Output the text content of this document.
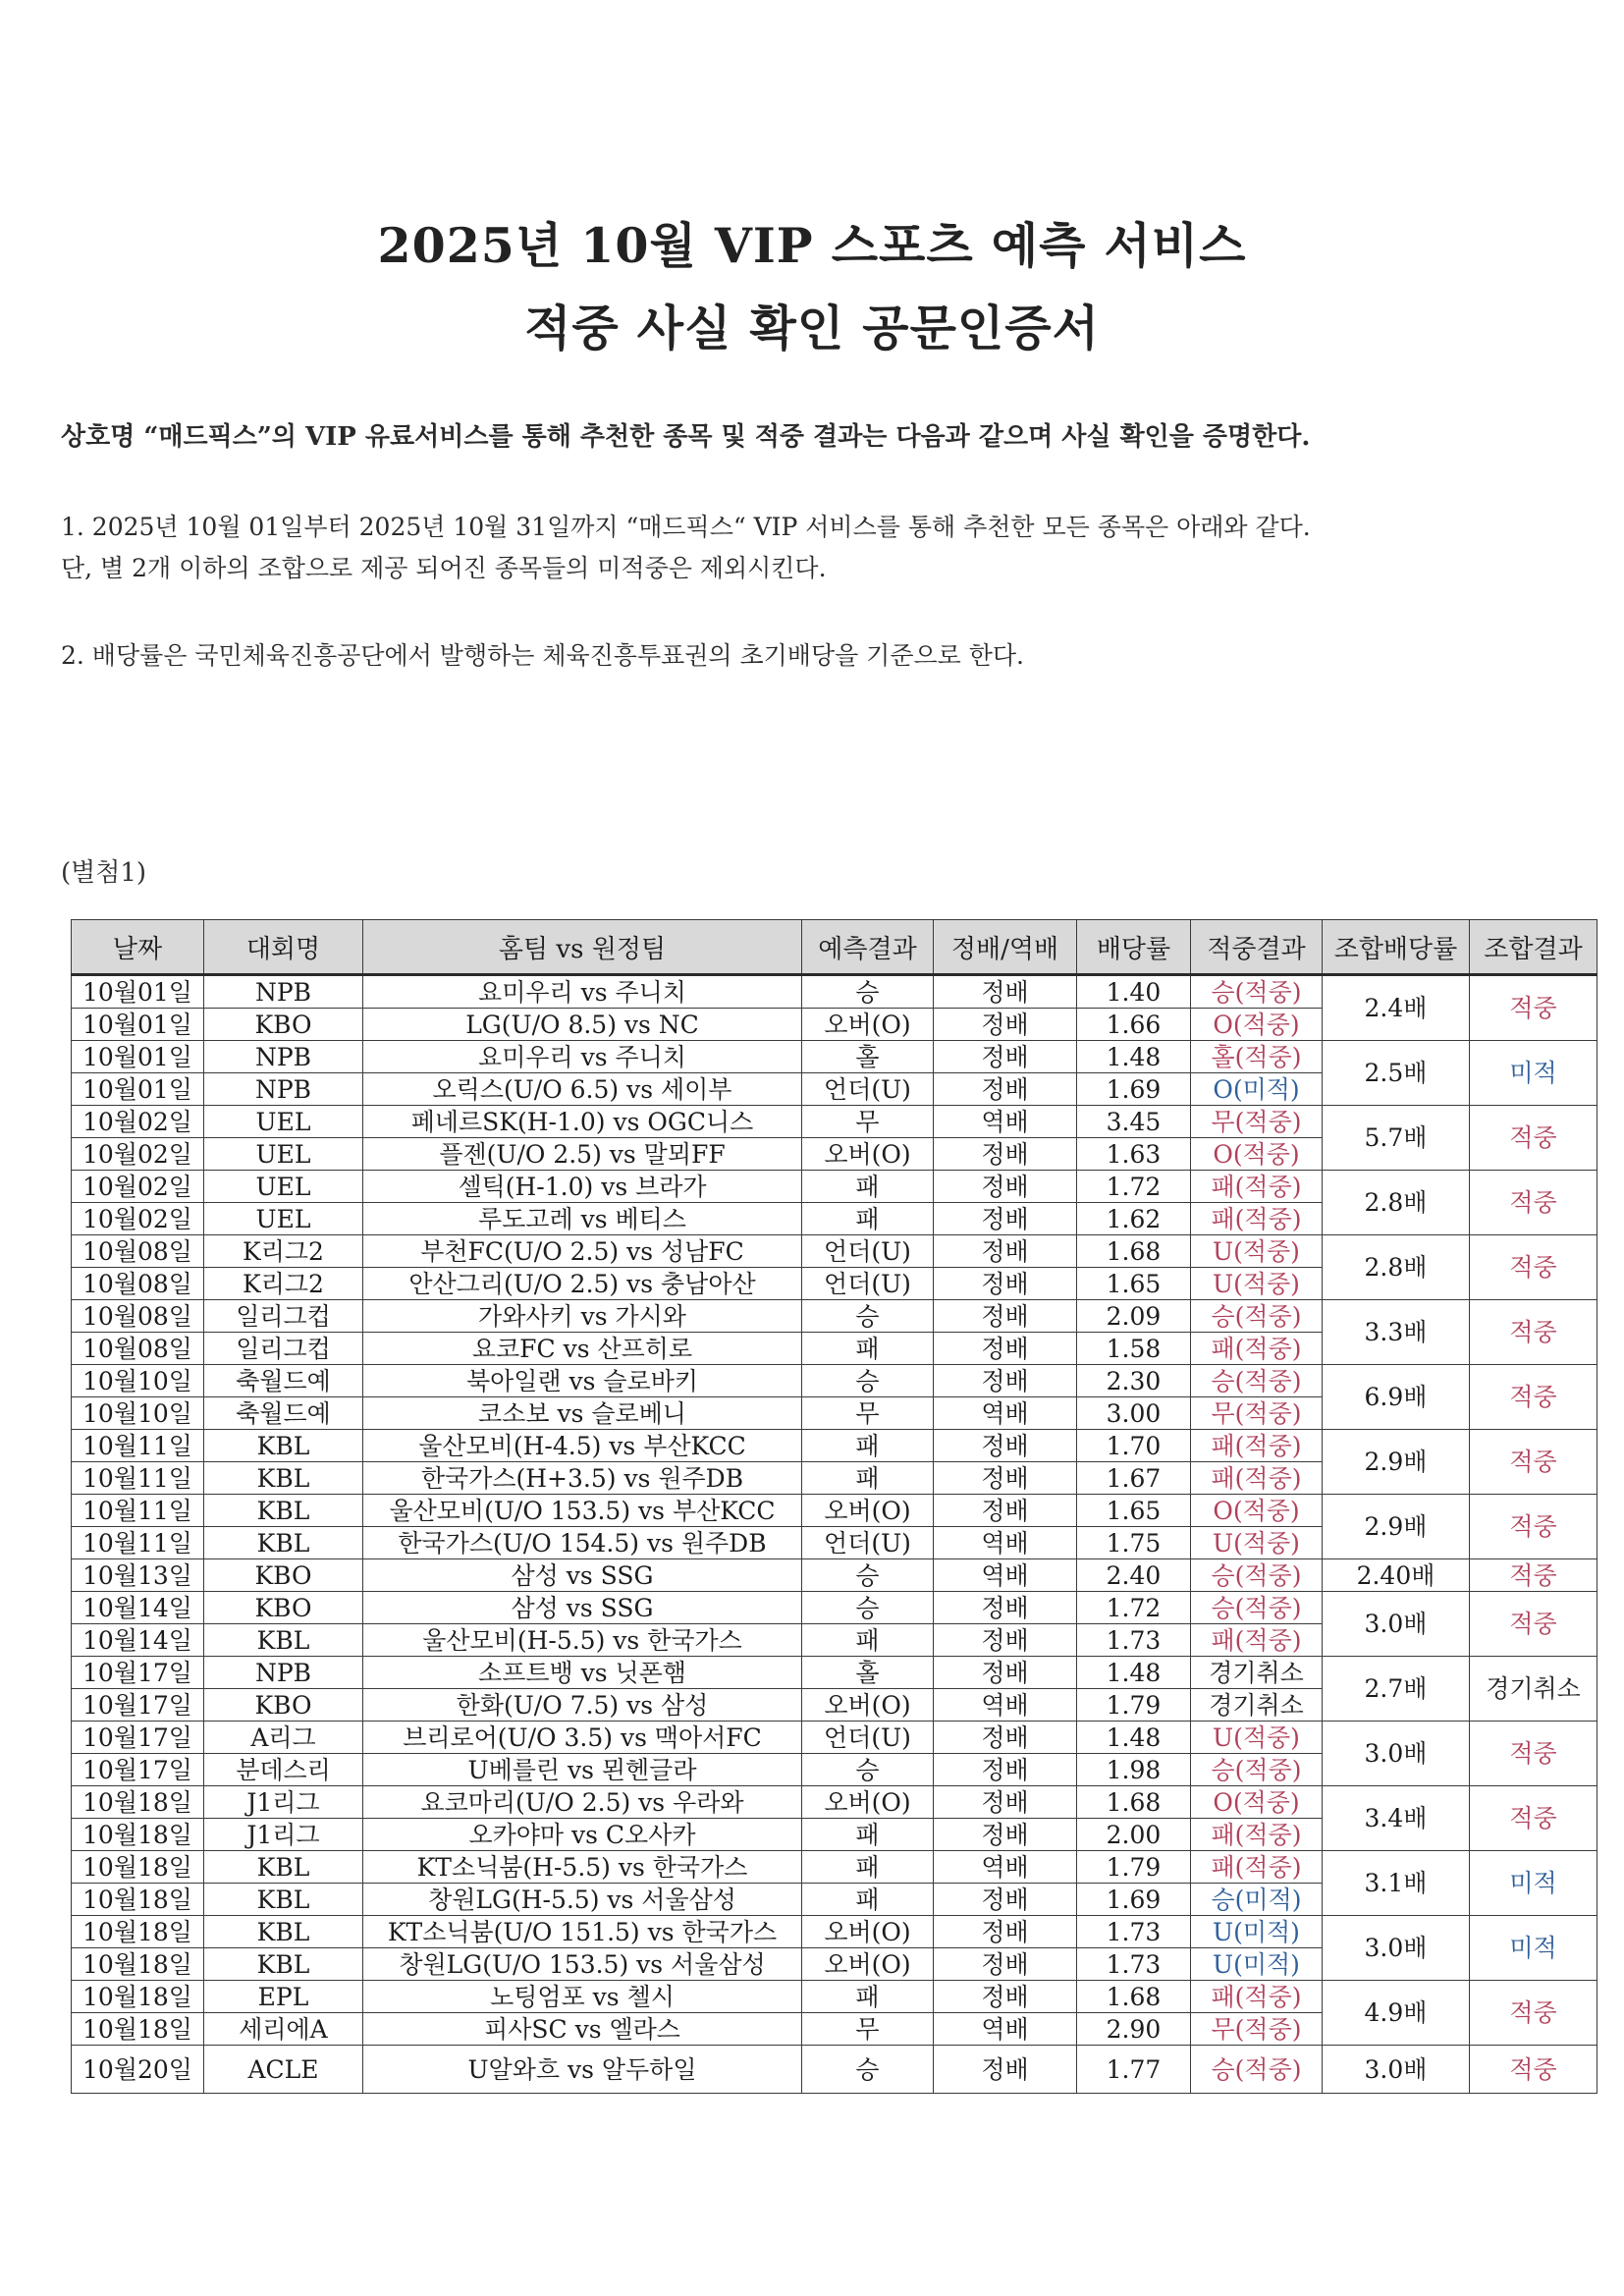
2025년 10월 VIP 스포츠 예측 서비스
적중 사실 확인 공문인증서
상호명 “매드픽스”의 VIP 유료서비스를 통해 추천한 종목 및 적중 결과는 다음과 같으며 사실 확인을 증명한다.
1. 2025년 10월 01일부터 2025년 10월 31일까지 “매드픽스“ VIP 서비스를 통해 추천한 모든 종목은 아래와 같다.
단, 별 2개 이하의 조합으로 제공 되어진 종목들의 미적중은 제외시킨다.
2. 배당률은 국민체육진흥공단에서 발행하는 체육진흥투표권의 초기배당을 기준으로 한다.
(별첨1)
날짜	대회명	홈팀 vs 원정팀	예측결과	정배/역배	배당률	적중결과	조합배당률	조합결과
10월01일	NPB	요미우리 vs 주니치	승	정배	1.40	승(적중)	2.4배	적중
10월01일	KBO	LG(U/O 8.5) vs NC	오버(O)	정배	1.66	O(적중)		
10월01일	NPB	요미우리 vs 주니치	홀	정배	1.48	홀(적중)	2.5배	미적
10월01일	NPB	오릭스(U/O 6.5) vs 세이부	언더(U)	정배	1.69	O(미적)		
10월02일	UEL	페네르SK(H-1.0) vs OGC니스	무	역배	3.45	무(적중)	5.7배	적중
10월02일	UEL	플젠(U/O 2.5) vs 말뫼FF	오버(O)	정배	1.63	O(적중)		
10월02일	UEL	셀틱(H-1.0) vs 브라가	패	정배	1.72	패(적중)	2.8배	적중
10월02일	UEL	루도고레 vs 베티스	패	정배	1.62	패(적중)		
10월08일	K리그2	부천FC(U/O 2.5) vs 성남FC	언더(U)	정배	1.68	U(적중)	2.8배	적중
10월08일	K리그2	안산그리(U/O 2.5) vs 충남아산	언더(U)	정배	1.65	U(적중)		
10월08일	일리그컵	가와사키 vs 가시와	승	정배	2.09	승(적중)	3.3배	적중
10월08일	일리그컵	요코FC vs 산프히로	패	정배	1.58	패(적중)		
10월10일	축월드예	북아일랜 vs 슬로바키	승	정배	2.30	승(적중)	6.9배	적중
10월10일	축월드예	코소보 vs 슬로베니	무	역배	3.00	무(적중)		
10월11일	KBL	울산모비(H-4.5) vs 부산KCC	패	정배	1.70	패(적중)	2.9배	적중
10월11일	KBL	한국가스(H+3.5) vs 원주DB	패	정배	1.67	패(적중)		
10월11일	KBL	울산모비(U/O 153.5) vs 부산KCC	오버(O)	정배	1.65	O(적중)	2.9배	적중
10월11일	KBL	한국가스(U/O 154.5) vs 원주DB	언더(U)	역배	1.75	U(적중)		
10월13일	KBO	삼성 vs SSG	승	역배	2.40	승(적중)	2.40배	적중
10월14일	KBO	삼성 vs SSG	승	정배	1.72	승(적중)	3.0배	적중
10월14일	KBL	울산모비(H-5.5) vs 한국가스	패	정배	1.73	패(적중)		
10월17일	NPB	소프트뱅 vs 닛폰햄	홀	정배	1.48	경기취소	2.7배	경기취소
10월17일	KBO	한화(U/O 7.5) vs 삼성	오버(O)	역배	1.79	경기취소		
10월17일	A리그	브리로어(U/O 3.5) vs 맥아서FC	언더(U)	정배	1.48	U(적중)	3.0배	적중
10월17일	분데스리	U베를린 vs 묀헨글라	승	정배	1.98	승(적중)		
10월18일	J1리그	요코마리(U/O 2.5) vs 우라와	오버(O)	정배	1.68	O(적중)	3.4배	적중
10월18일	J1리그	오카야마 vs C오사카	패	정배	2.00	패(적중)		
10월18일	KBL	KT소닉붐(H-5.5) vs 한국가스	패	역배	1.79	패(적중)	3.1배	미적
10월18일	KBL	창원LG(H-5.5) vs 서울삼성	패	정배	1.69	승(미적)		
10월18일	KBL	KT소닉붐(U/O 151.5) vs 한국가스	오버(O)	정배	1.73	U(미적)	3.0배	미적
10월18일	KBL	창원LG(U/O 153.5) vs 서울삼성	오버(O)	정배	1.73	U(미적)		
10월18일	EPL	노팅엄포 vs 첼시	패	정배	1.68	패(적중)	4.9배	적중
10월18일	세리에A	피사SC vs 엘라스	무	역배	2.90	무(적중)		
10월20일	ACLE	U알와흐 vs 알두하일	승	정배	1.77	승(적중)	3.0배	적중
